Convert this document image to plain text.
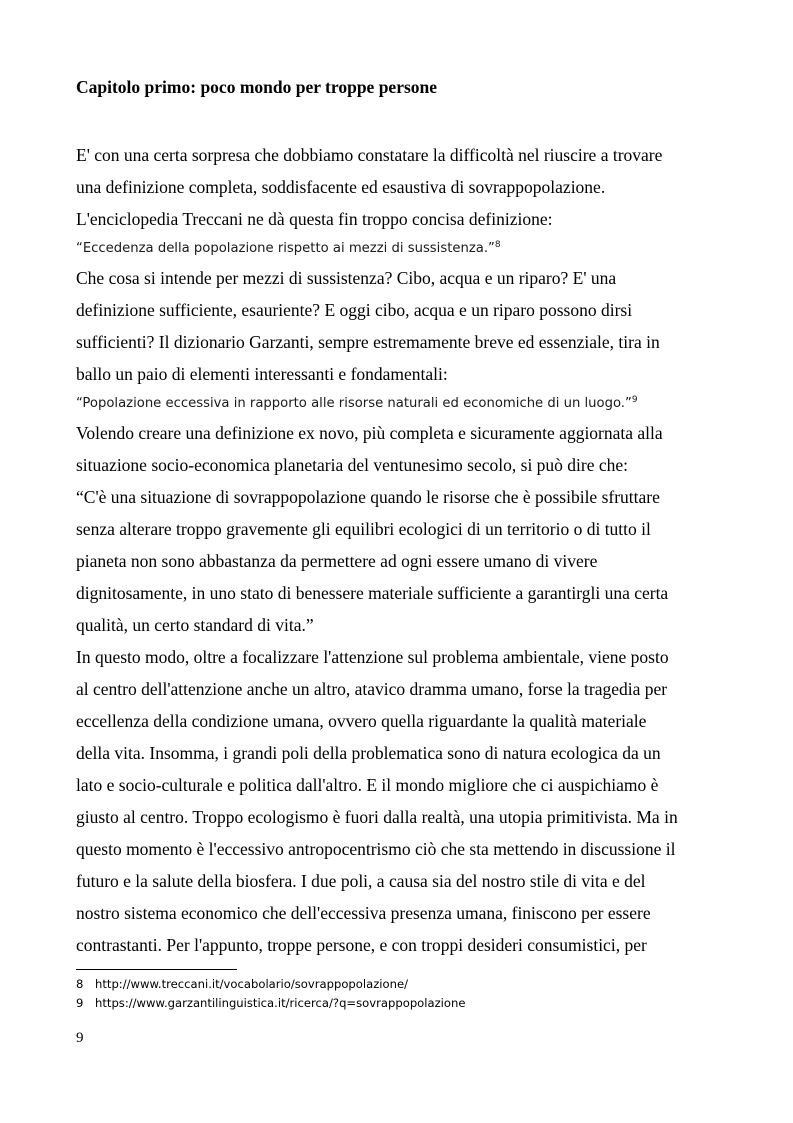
Capitolo primo: poco mondo per troppe persone
E' con una certa sorpresa che dobbiamo constatare la difficoltà nel riuscire a trovare
una definizione completa, soddisfacente ed esaustiva di sovrappopolazione.
L'enciclopedia Treccani ne dà questa fin troppo concisa definizione:
“Eccedenza della popolazione rispetto ai mezzi di sussistenza.”$^8$
Che cosa si intende per mezzi di sussistenza? Cibo, acqua e un riparo? E' una
definizione sufficiente, esauriente? E oggi cibo, acqua e un riparo possono dirsi
sufficienti? Il dizionario Garzanti, sempre estremamente breve ed essenziale, tira in
ballo un paio di elementi interessanti e fondamentali:
“Popolazione eccessiva in rapporto alle risorse naturali ed economiche di un luogo.”$^9$
Volendo creare una definizione ex novo, più completa e sicuramente aggiornata alla
situazione socio-economica planetaria del ventunesimo secolo, si può dire che:
“C'è una situazione di sovrappopolazione quando le risorse che è possibile sfruttare
senza alterare troppo gravemente gli equilibri ecologici di un territorio o di tutto il
pianeta non sono abbastanza da permettere ad ogni essere umano di vivere
dignitosamente, in uno stato di benessere materiale sufficiente a garantirgli una certa
qualità, un certo standard di vita.”
In questo modo, oltre a focalizzare l'attenzione sul problema ambientale, viene posto
al centro dell'attenzione anche un altro, atavico dramma umano, forse la tragedia per
eccellenza della condizione umana, ovvero quella riguardante la qualità materiale
della vita. Insomma, i grandi poli della problematica sono di natura ecologica da un
lato e socio-culturale e politica dall'altro. E il mondo migliore che ci auspichiamo è
giusto al centro. Troppo ecologismo è fuori dalla realtà, una utopia primitivista. Ma in
questo momento è l'eccessivo antropocentrismo ciò che sta mettendo in discussione il
futuro e la salute della biosfera. I due poli, a causa sia del nostro stile di vita e del
nostro sistema economico che dell'eccessiva presenza umana, finiscono per essere
contrastanti. Per l'appunto, troppe persone, e con troppi desideri consumistici, per
8 http://www.treccani.it/vocabolario/sovrappopolazione/
9 https://www.garzantilinguistica.it/ricerca/?q=sovrappopolazione
9
